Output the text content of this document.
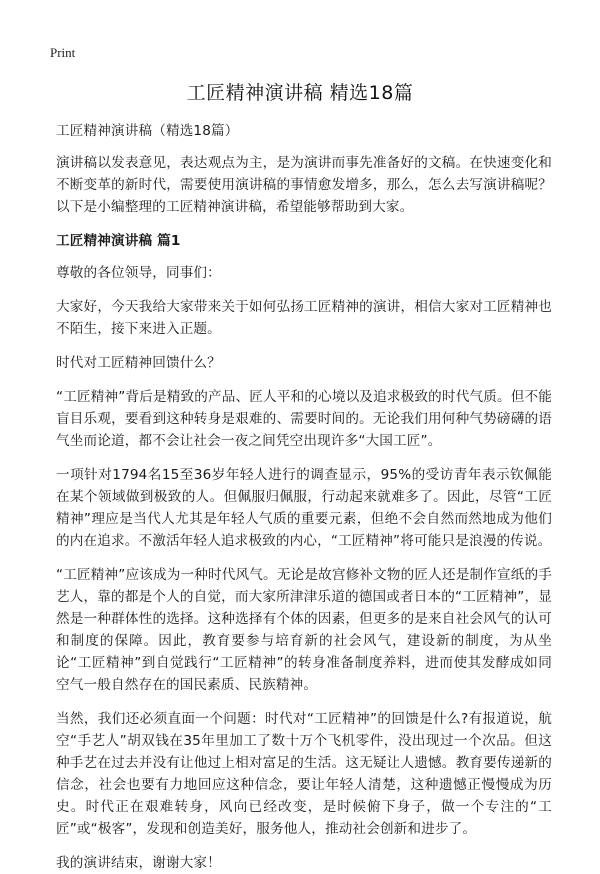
Print
工匠精神演讲稿 精选18篇

工匠精神演讲稿（精选18篇）

演讲稿以发表意见，表达观点为主，是为演讲而事先准备好的文稿。在快速变化和不断变革的新时代，需要使用演讲稿的事情愈发增多，那么，怎么去写演讲稿呢？以下是小编整理的工匠精神演讲稿，希望能够帮助到大家。

工匠精神演讲稿 篇1

尊敬的各位领导，同事们：

大家好，今天我给大家带来关于如何弘扬工匠精神的演讲，相信大家对工匠精神也不陌生，接下来进入正题。

时代对工匠精神回馈什么？

“工匠精神”背后是精致的产品、匠人平和的心境以及追求极致的时代气质。但不能盲目乐观，要看到这种转身是艰难的、需要时间的。无论我们用何种气势磅礴的语气坐而论道，都不会让社会一夜之间凭空出现许多“大国工匠”。

一项针对1794名15至36岁年轻人进行的调查显示，95%的受访青年表示钦佩能在某个领域做到极致的人。但佩服归佩服，行动起来就难多了。因此，尽管“工匠精神”理应是当代人尤其是年轻人气质的重要元素，但绝不会自然而然地成为他们的内在追求。不激活年轻人追求极致的内心，“工匠精神”将可能只是浪漫的传说。

“工匠精神”应该成为一种时代风气。无论是故宫修补文物的匠人还是制作宣纸的手艺人，靠的都是个人的自觉，而大家所津津乐道的德国或者日本的“工匠精神”，显然是一种群体性的选择。这种选择有个体的因素，但更多的是来自社会风气的认可和制度的保障。因此，教育要参与培育新的社会风气，建设新的制度，为从坐论“工匠精神”到自觉践行“工匠精神”的转身准备制度养料，进而使其发酵成如同空气一般自然存在的国民素质、民族精神。

当然，我们还必须直面一个问题：时代对“工匠精神”的回馈是什么?有报道说，航空“手艺人”胡双钱在35年里加工了数十万个飞机零件，没出现过一个次品。但这种手艺在过去并没有让他过上相对富足的生活。这无疑让人遗憾。教育要传递新的信念，社会也要有力地回应这种信念，要让年轻人清楚，这种遗憾正慢慢成为历史。时代正在艰难转身，风向已经改变，是时候俯下身子，做一个专注的“工匠”或“极客”，发现和创造美好，服务他人，推动社会创新和进步了。

我的演讲结束，谢谢大家！
